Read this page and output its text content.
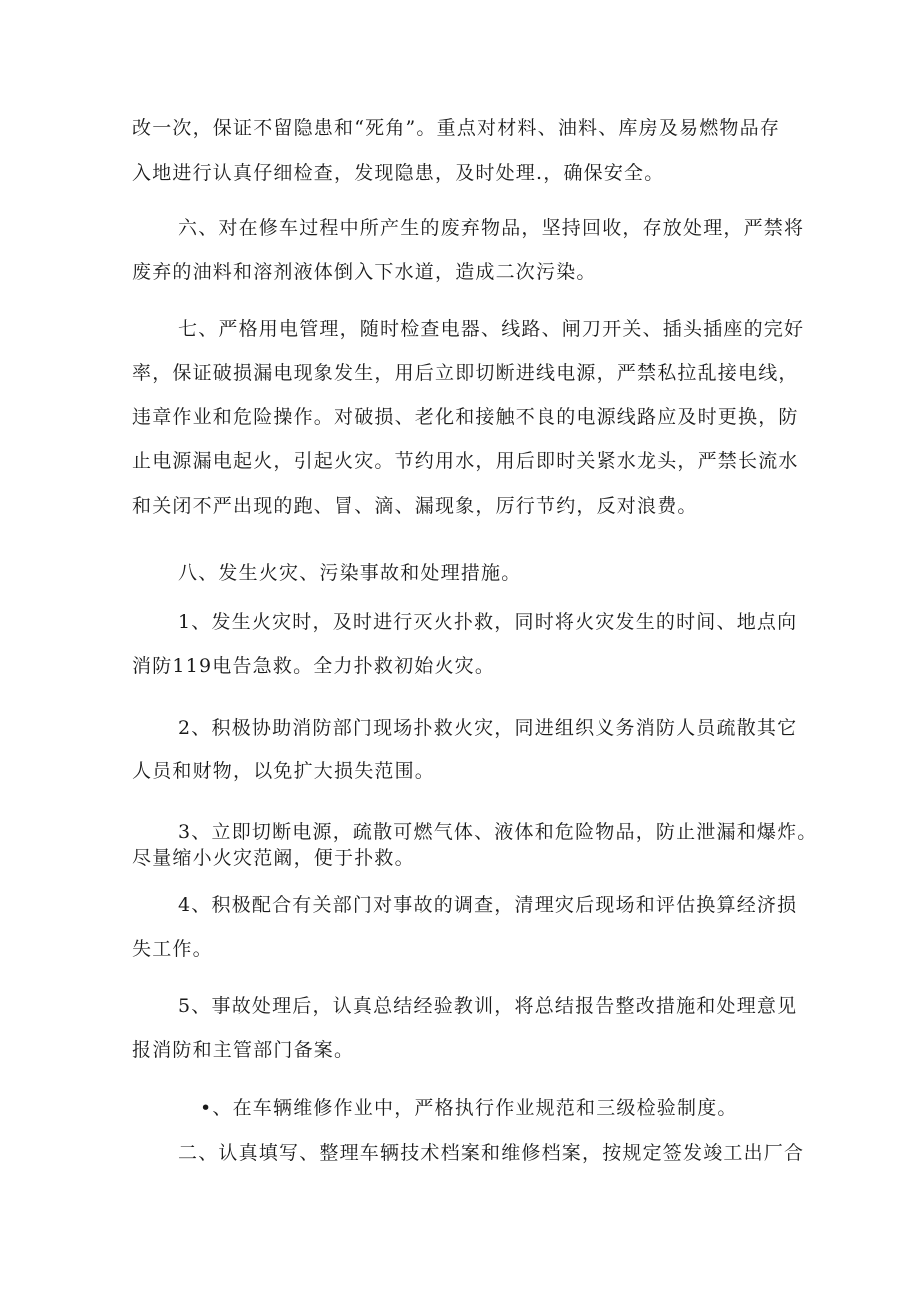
改一次，保证不留隐患和“死角”。重点对材料、油料、库房及易燃物品存
入地进行认真仔细检查，发现隐患，及时处理.，确保安全。
六、对在修车过程中所产生的废弃物品，坚持回收，存放处理，严禁将
废弃的油料和溶剂液体倒入下水道，造成二次污染。
七、严格用电管理，随时检查电器、线路、闸刀开关、插头插座的完好
率，保证破损漏电现象发生，用后立即切断进线电源，严禁私拉乱接电线，
违章作业和危险操作。对破损、老化和接触不良的电源线路应及时更换，防
止电源漏电起火，引起火灾。节约用水，用后即时关紧水龙头，严禁长流水
和关闭不严出现的跑、冒、滴、漏现象，厉行节约，反对浪费。
八、发生火灾、污染事故和处理措施。
1、发生火灾时，及时进行灭火扑救，同时将火灾发生的时间、地点向
消防119电告急救。全力扑救初始火灾。
2、积极协助消防部门现场扑救火灾，同进组织义务消防人员疏散其它
人员和财物，以免扩大损失范围。
3、立即切断电源，疏散可燃气体、液体和危险物品，防止泄漏和爆炸。
尽量缩小火灾范阚，便于扑救。
4、积极配合有关部门对事故的调查，清理灾后现场和评估换算经济损
失工作。
5、事故处理后，认真总结经验教训，将总结报告整改措施和处理意见
报消防和主管部门备案。
•、在车辆维修作业中，严格执行作业规范和三级检验制度。
二、认真填写、整理车辆技术档案和维修档案，按规定签发竣工出厂合
